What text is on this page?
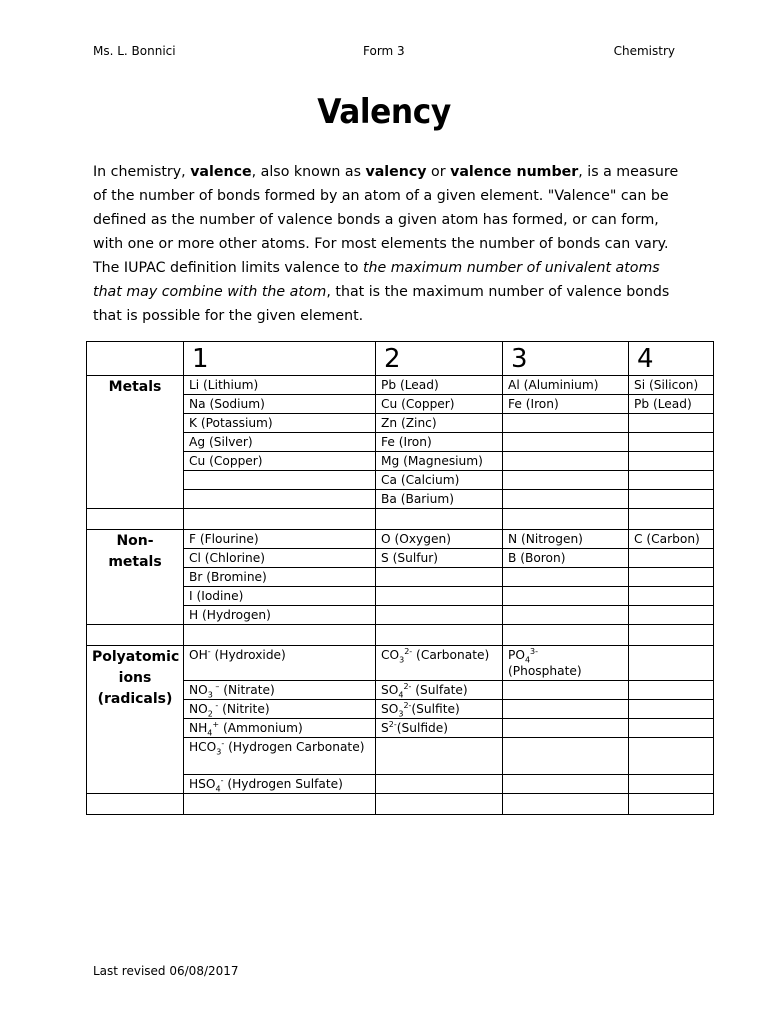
Ms. L. Bonnici	Form 3	Chemistry
Valency
In chemistry, valence, also known as valency or valence number, is a measure of the number of bonds formed by an atom of a given element. "Valence" can be defined as the number of valence bonds a given atom has formed, or can form, with one or more other atoms. For most elements the number of bonds can vary. The IUPAC definition limits valence to the maximum number of univalent atoms that may combine with the atom, that is the maximum number of valence bonds that is possible for the given element.
	1	2	3	4
Metals	Li (Lithium)	Pb (Lead)	Al (Aluminium)	Si (Silicon)
	Na (Sodium)	Cu (Copper)	Fe (Iron)	Pb (Lead)
	K (Potassium)	Zn (Zinc)		
	Ag (Silver)	Fe (Iron)		
	Cu (Copper)	Mg (Magnesium)		
		Ca (Calcium)		
		Ba (Barium)		

Non-metals	F (Flourine)	O (Oxygen)	N (Nitrogen)	C (Carbon)
	Cl (Chlorine)	S (Sulfur)	B (Boron)	
	Br (Bromine)			
	I (Iodine)			
	H (Hydrogen)			

Polyatomic ions (radicals)	OH- (Hydroxide)	$CO_3^{2-}$ (Carbonate)	$PO_4^{3-}$
(Phosphate)	
	$NO_3$ – (Nitrate)	$SO_4^{2-}$ (Sulfate)		
	$NO_2$ - (Nitrite)	$SO_3^{2-}(Sulfite)$		
	$NH_4^+$ (Ammonium)	$S^{2-}(Sulfide)$		
	$HCO_3^-$ (Hydrogen Carbonate)			
	$HSO_4^-$ (Hydrogen Sulfate)			

Last revised 06/08/2017
